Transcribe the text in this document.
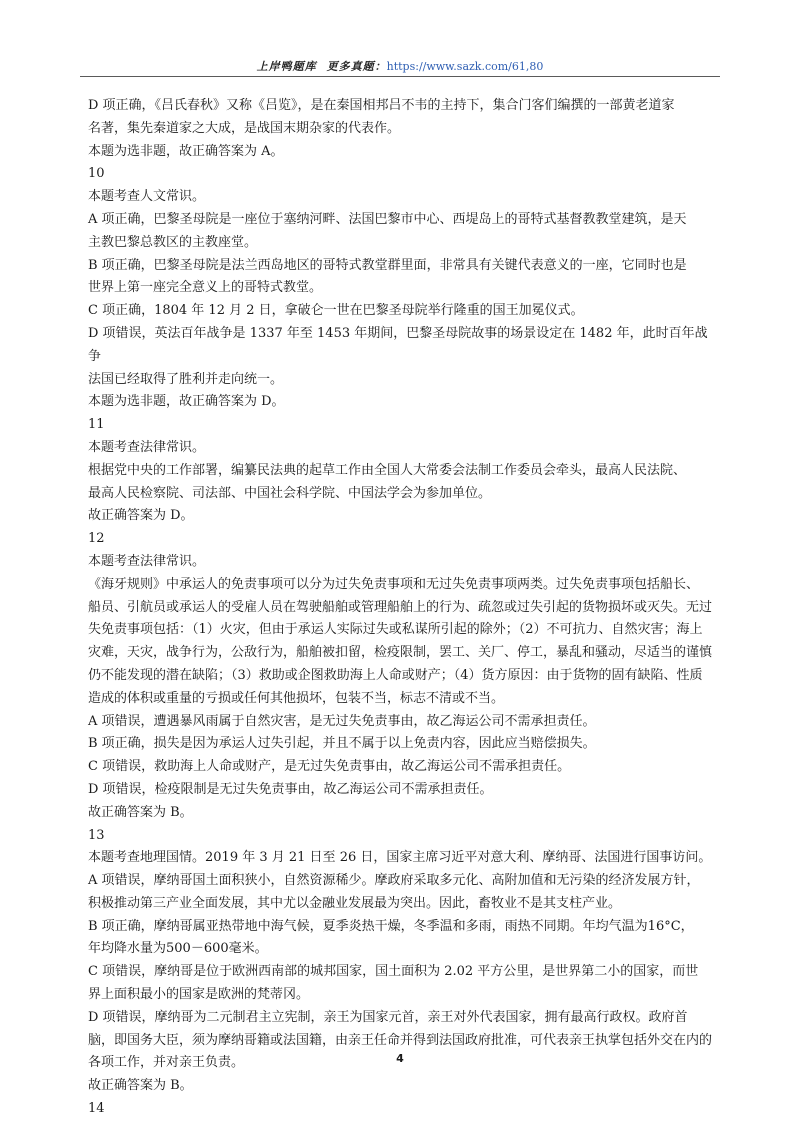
上岸鸭题库 更多真题：https://www.sazk.com/61,80

D 项正确，《吕氏春秋》又称《吕览》，是在秦国相邦吕不韦的主持下，集合门客们编撰的一部黄老道家

名著，集先秦道家之大成，是战国末期杂家的代表作。

本题为选非题，故正确答案为 A。

10

本题考查人文常识。

A 项正确，巴黎圣母院是一座位于塞纳河畔、法国巴黎市中心、西堤岛上的哥特式基督教教堂建筑，是天

主教巴黎总教区的主教座堂。

B 项正确，巴黎圣母院是法兰西岛地区的哥特式教堂群里面，非常具有关键代表意义的一座，它同时也是

世界上第一座完全意义上的哥特式教堂。

C 项正确，1804 年 12 月 2 日，拿破仑一世在巴黎圣母院举行隆重的国王加冕仪式。

D 项错误，英法百年战争是 1337 年至 1453 年期间，巴黎圣母院故事的场景设定在 1482 年，此时百年战争

法国已经取得了胜利并走向统一。

本题为选非题，故正确答案为 D。

11

本题考查法律常识。

根据党中央的工作部署，编纂民法典的起草工作由全国人大常委会法制工作委员会牵头，最高人民法院、

最高人民检察院、司法部、中国社会科学院、中国法学会为参加单位。

故正确答案为 D。

12

本题考查法律常识。

《海牙规则》中承运人的免责事项可以分为过失免责事项和无过失免责事项两类。过失免责事项包括船长、

船员、引航员或承运人的受雇人员在驾驶船舶或管理船舶上的行为、疏忽或过失引起的货物损坏或灭失。无过

失免责事项包括：（1）火灾，但由于承运人实际过失或私谋所引起的除外；（2）不可抗力、自然灾害；海上

灾难，天灾，战争行为，公敌行为，船舶被扣留，检疫限制，罢工、关厂、停工，暴乱和骚动，尽适当的谨慎

仍不能发现的潜在缺陷；（3）救助或企图救助海上人命或财产；（4）货方原因：由于货物的固有缺陷、性质

造成的体积或重量的亏损或任何其他损坏，包装不当，标志不清或不当。

A 项错误，遭遇暴风雨属于自然灾害，是无过失免责事由，故乙海运公司不需承担责任。

B 项正确，损失是因为承运人过失引起，并且不属于以上免责内容，因此应当赔偿损失。

C 项错误，救助海上人命或财产，是无过失免责事由，故乙海运公司不需承担责任。

D 项错误，检疫限制是无过失免责事由，故乙海运公司不需承担责任。

故正确答案为 B。

13

本题考查地理国情。2019 年 3 月 21 日至 26 日，国家主席习近平对意大利、摩纳哥、法国进行国事访问。

A 项错误，摩纳哥国土面积狭小，自然资源稀少。摩政府采取多元化、高附加值和无污染的经济发展方针，

积极推动第三产业全面发展，其中尤以金融业发展最为突出。因此，畜牧业不是其支柱产业。

B 项正确，摩纳哥属亚热带地中海气候，夏季炎热干燥，冬季温和多雨，雨热不同期。年均气温为16°C，

年均降水量为500－600毫米。

C 项错误，摩纳哥是位于欧洲西南部的城邦国家，国土面积为 2.02 平方公里，是世界第二小的国家，而世

界上面积最小的国家是欧洲的梵蒂冈。

D 项错误，摩纳哥为二元制君主立宪制，亲王为国家元首，亲王对外代表国家，拥有最高行政权。政府首

脑，即国务大臣，须为摩纳哥籍或法国籍，由亲王任命并得到法国政府批准，可代表亲王执掌包括外交在内的

各项工作，并对亲王负责。

故正确答案为 B。

14

4
